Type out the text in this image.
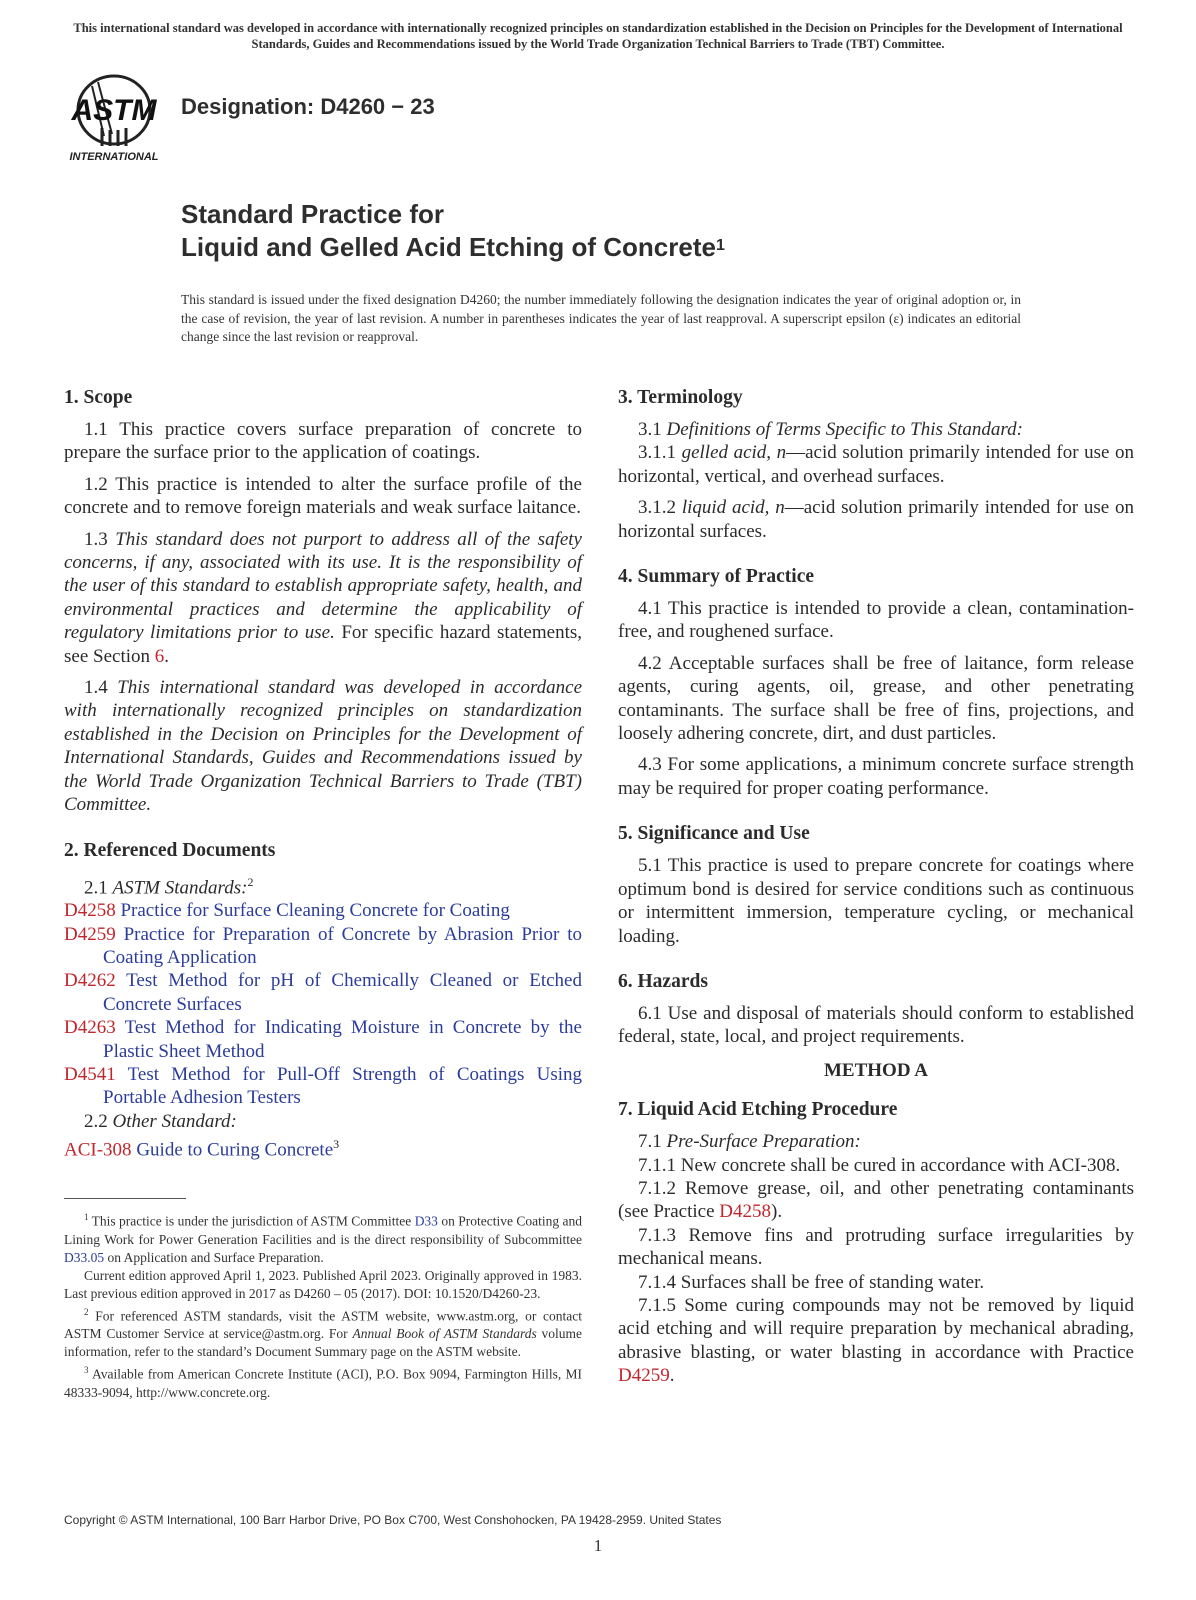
This international standard was developed in accordance with internationally recognized principles on standardization established in the Decision on Principles for the Development of International Standards, Guides and Recommendations issued by the World Trade Organization Technical Barriers to Trade (TBT) Committee.
ASTM
INTERNATIONAL
Designation: D4260 − 23
Standard Practice for
Liquid and Gelled Acid Etching of Concrete$^1$
This standard is issued under the fixed designation D4260; the number immediately following the designation indicates the year of original adoption or, in the case of revision, the year of last revision. A number in parentheses indicates the year of last reapproval. A superscript epsilon (ε) indicates an editorial change since the last revision or reapproval.
1. Scope

1.1 This practice covers surface preparation of concrete to prepare the surface prior to the application of coatings.

1.2 This practice is intended to alter the surface profile of the concrete and to remove foreign materials and weak surface laitance.

1.3 This standard does not purport to address all of the safety concerns, if any, associated with its use. It is the responsibility of the user of this standard to establish appropriate safety, health, and environmental practices and determine the applicability of regulatory limitations prior to use. For specific hazard statements, see Section 6.

1.4 This international standard was developed in accordance with internationally recognized principles on standardization established in the Decision on Principles for the Development of International Standards, Guides and Recommendations issued by the World Trade Organization Technical Barriers to Trade (TBT) Committee.

2. Referenced Documents

2.1 ASTM Standards:$^2$

D4258 Practice for Surface Cleaning Concrete for Coating

D4259 Practice for Preparation of Concrete by Abrasion Prior to Coating Application

D4262 Test Method for pH of Chemically Cleaned or Etched Concrete Surfaces

D4263 Test Method for Indicating Moisture in Concrete by the Plastic Sheet Method

D4541 Test Method for Pull-Off Strength of Coatings Using Portable Adhesion Testers

2.2 Other Standard:

ACI-308 Guide to Curing Concrete$^3$

$^1$ This practice is under the jurisdiction of ASTM Committee D33 on Protective Coating and Lining Work for Power Generation Facilities and is the direct responsibility of Subcommittee D33.05 on Application and Surface Preparation.

Current edition approved April 1, 2023. Published April 2023. Originally approved in 1983. Last previous edition approved in 2017 as D4260 – 05 (2017). DOI: 10.1520/D4260-23.

$^2$ For referenced ASTM standards, visit the ASTM website, www.astm.org, or contact ASTM Customer Service at service@astm.org. For Annual Book of ASTM Standards volume information, refer to the standard’s Document Summary page on the ASTM website.

$^3$ Available from American Concrete Institute (ACI), P.O. Box 9094, Farmington Hills, MI 48333-9094, http://www.concrete.org.

3. Terminology

3.1 Definitions of Terms Specific to This Standard:

3.1.1 gelled acid, n—acid solution primarily intended for use on horizontal, vertical, and overhead surfaces.

3.1.2 liquid acid, n—acid solution primarily intended for use on horizontal surfaces.

4. Summary of Practice

4.1 This practice is intended to provide a clean, contamination-free, and roughened surface.

4.2 Acceptable surfaces shall be free of laitance, form release agents, curing agents, oil, grease, and other penetrating contaminants. The surface shall be free of fins, projections, and loosely adhering concrete, dirt, and dust particles.

4.3 For some applications, a minimum concrete surface strength may be required for proper coating performance.

5. Significance and Use

5.1 This practice is used to prepare concrete for coatings where optimum bond is desired for service conditions such as continuous or intermittent immersion, temperature cycling, or mechanical loading.

6. Hazards

6.1 Use and disposal of materials should conform to established federal, state, local, and project requirements.

METHOD A
7. Liquid Acid Etching Procedure

7.1 Pre-Surface Preparation:

7.1.1 New concrete shall be cured in accordance with ACI-308.

7.1.2 Remove grease, oil, and other penetrating contaminants (see Practice D4258).

7.1.3 Remove fins and protruding surface irregularities by mechanical means.

7.1.4 Surfaces shall be free of standing water.

7.1.5 Some curing compounds may not be removed by liquid acid etching and will require preparation by mechanical abrading, abrasive blasting, or water blasting in accordance with Practice D4259.

Copyright © ASTM International, 100 Barr Harbor Drive, PO Box C700, West Conshohocken, PA 19428-2959. United States
1
